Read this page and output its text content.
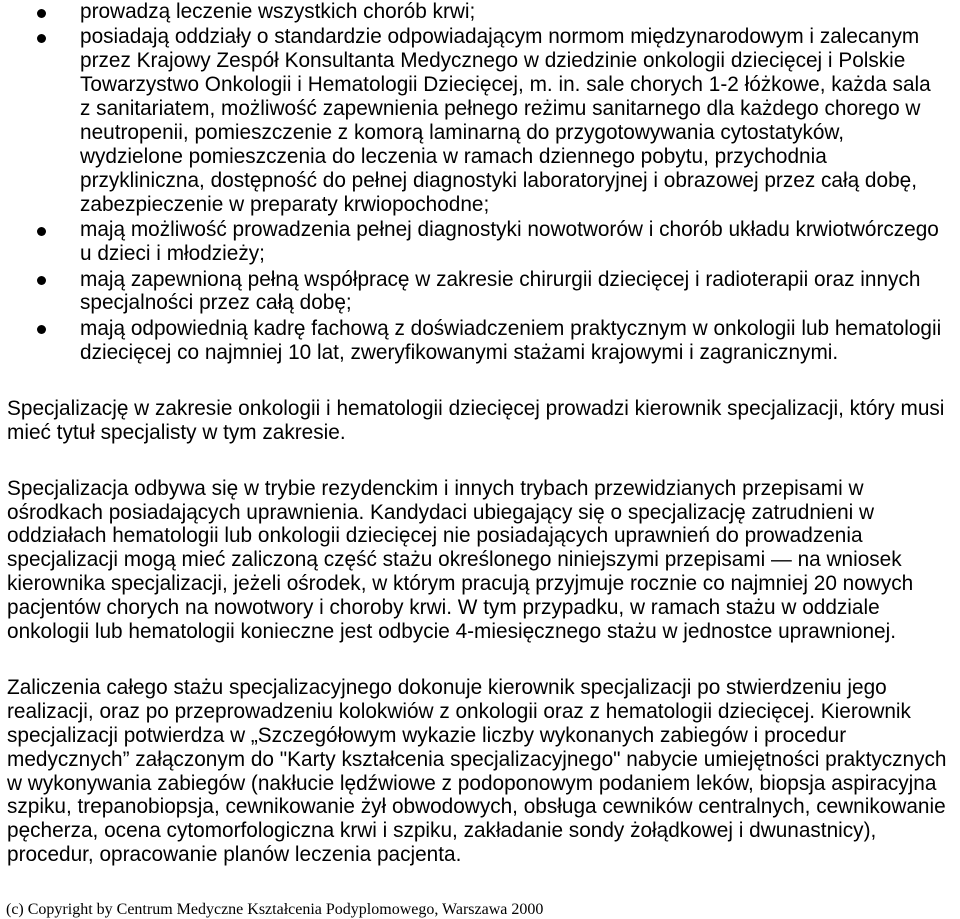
prowadzą leczenie wszystkich chorób krwi;
posiadają oddziały o standardzie odpowiadającym normom międzynarodowym i zalecanym
przez Krajowy Zespół Konsultanta Medycznego w dziedzinie onkologii dziecięcej i Polskie
Towarzystwo Onkologii i Hematologii Dziecięcej, m. in. sale chorych 1-2 łóżkowe, każda sala
z sanitariatem, możliwość zapewnienia pełnego reżimu sanitarnego dla każdego chorego w
neutropenii, pomieszczenie z komorą laminarną do przygotowywania cytostatyków,
wydzielone pomieszczenia do leczenia w ramach dziennego pobytu, przychodnia
przykliniczna, dostępność do pełnej diagnostyki laboratoryjnej i obrazowej przez całą dobę,
zabezpieczenie w preparaty krwiopochodne;
mają możliwość prowadzenia pełnej diagnostyki nowotworów i chorób układu krwiotwórczego
u dzieci i młodzieży;
mają zapewnioną pełną współpracę w zakresie chirurgii dziecięcej i radioterapii oraz innych
specjalności przez całą dobę;
mają odpowiednią kadrę fachową z doświadczeniem praktycznym w onkologii lub hematologii
dziecięcej co najmniej 10 lat, zweryfikowanymi stażami krajowymi i zagranicznymi.
Specjalizację w zakresie onkologii i hematologii dziecięcej prowadzi kierownik specjalizacji, który musi
mieć tytuł specjalisty w tym zakresie.
Specjalizacja odbywa się w trybie rezydenckim i innych trybach przewidzianych przepisami w
ośrodkach posiadających uprawnienia. Kandydaci ubiegający się o specjalizację zatrudnieni w
oddziałach hematologii lub onkologii dziecięcej nie posiadających uprawnień do prowadzenia
specjalizacji mogą mieć zaliczoną część stażu określonego niniejszymi przepisami — na wniosek
kierownika specjalizacji, jeżeli ośrodek, w którym pracują przyjmuje rocznie co najmniej 20 nowych
pacjentów chorych na nowotwory i choroby krwi. W tym przypadku, w ramach stażu w oddziale
onkologii lub hematologii konieczne jest odbycie 4-miesięcznego stażu w jednostce uprawnionej.
Zaliczenia całego stażu specjalizacyjnego dokonuje kierownik specjalizacji po stwierdzeniu jego
realizacji, oraz po przeprowadzeniu kolokwiów z onkologii oraz z hematologii dziecięcej. Kierownik
specjalizacji potwierdza w „Szczegółowym wykazie liczby wykonanych zabiegów i procedur
medycznych” załączonym do "Karty kształcenia specjalizacyjnego" nabycie umiejętności praktycznych
w wykonywania zabiegów (nakłucie lędźwiowe z podoponowym podaniem leków, biopsja aspiracyjna
szpiku, trepanobiopsja, cewnikowanie żył obwodowych, obsługa cewników centralnych, cewnikowanie
pęcherza, ocena cytomorfologiczna krwi i szpiku, zakładanie sondy żołądkowej i dwunastnicy),
procedur, opracowanie planów leczenia pacjenta.
(c) Copyright by Centrum Medyczne Kształcenia Podyplomowego, Warszawa 2000
